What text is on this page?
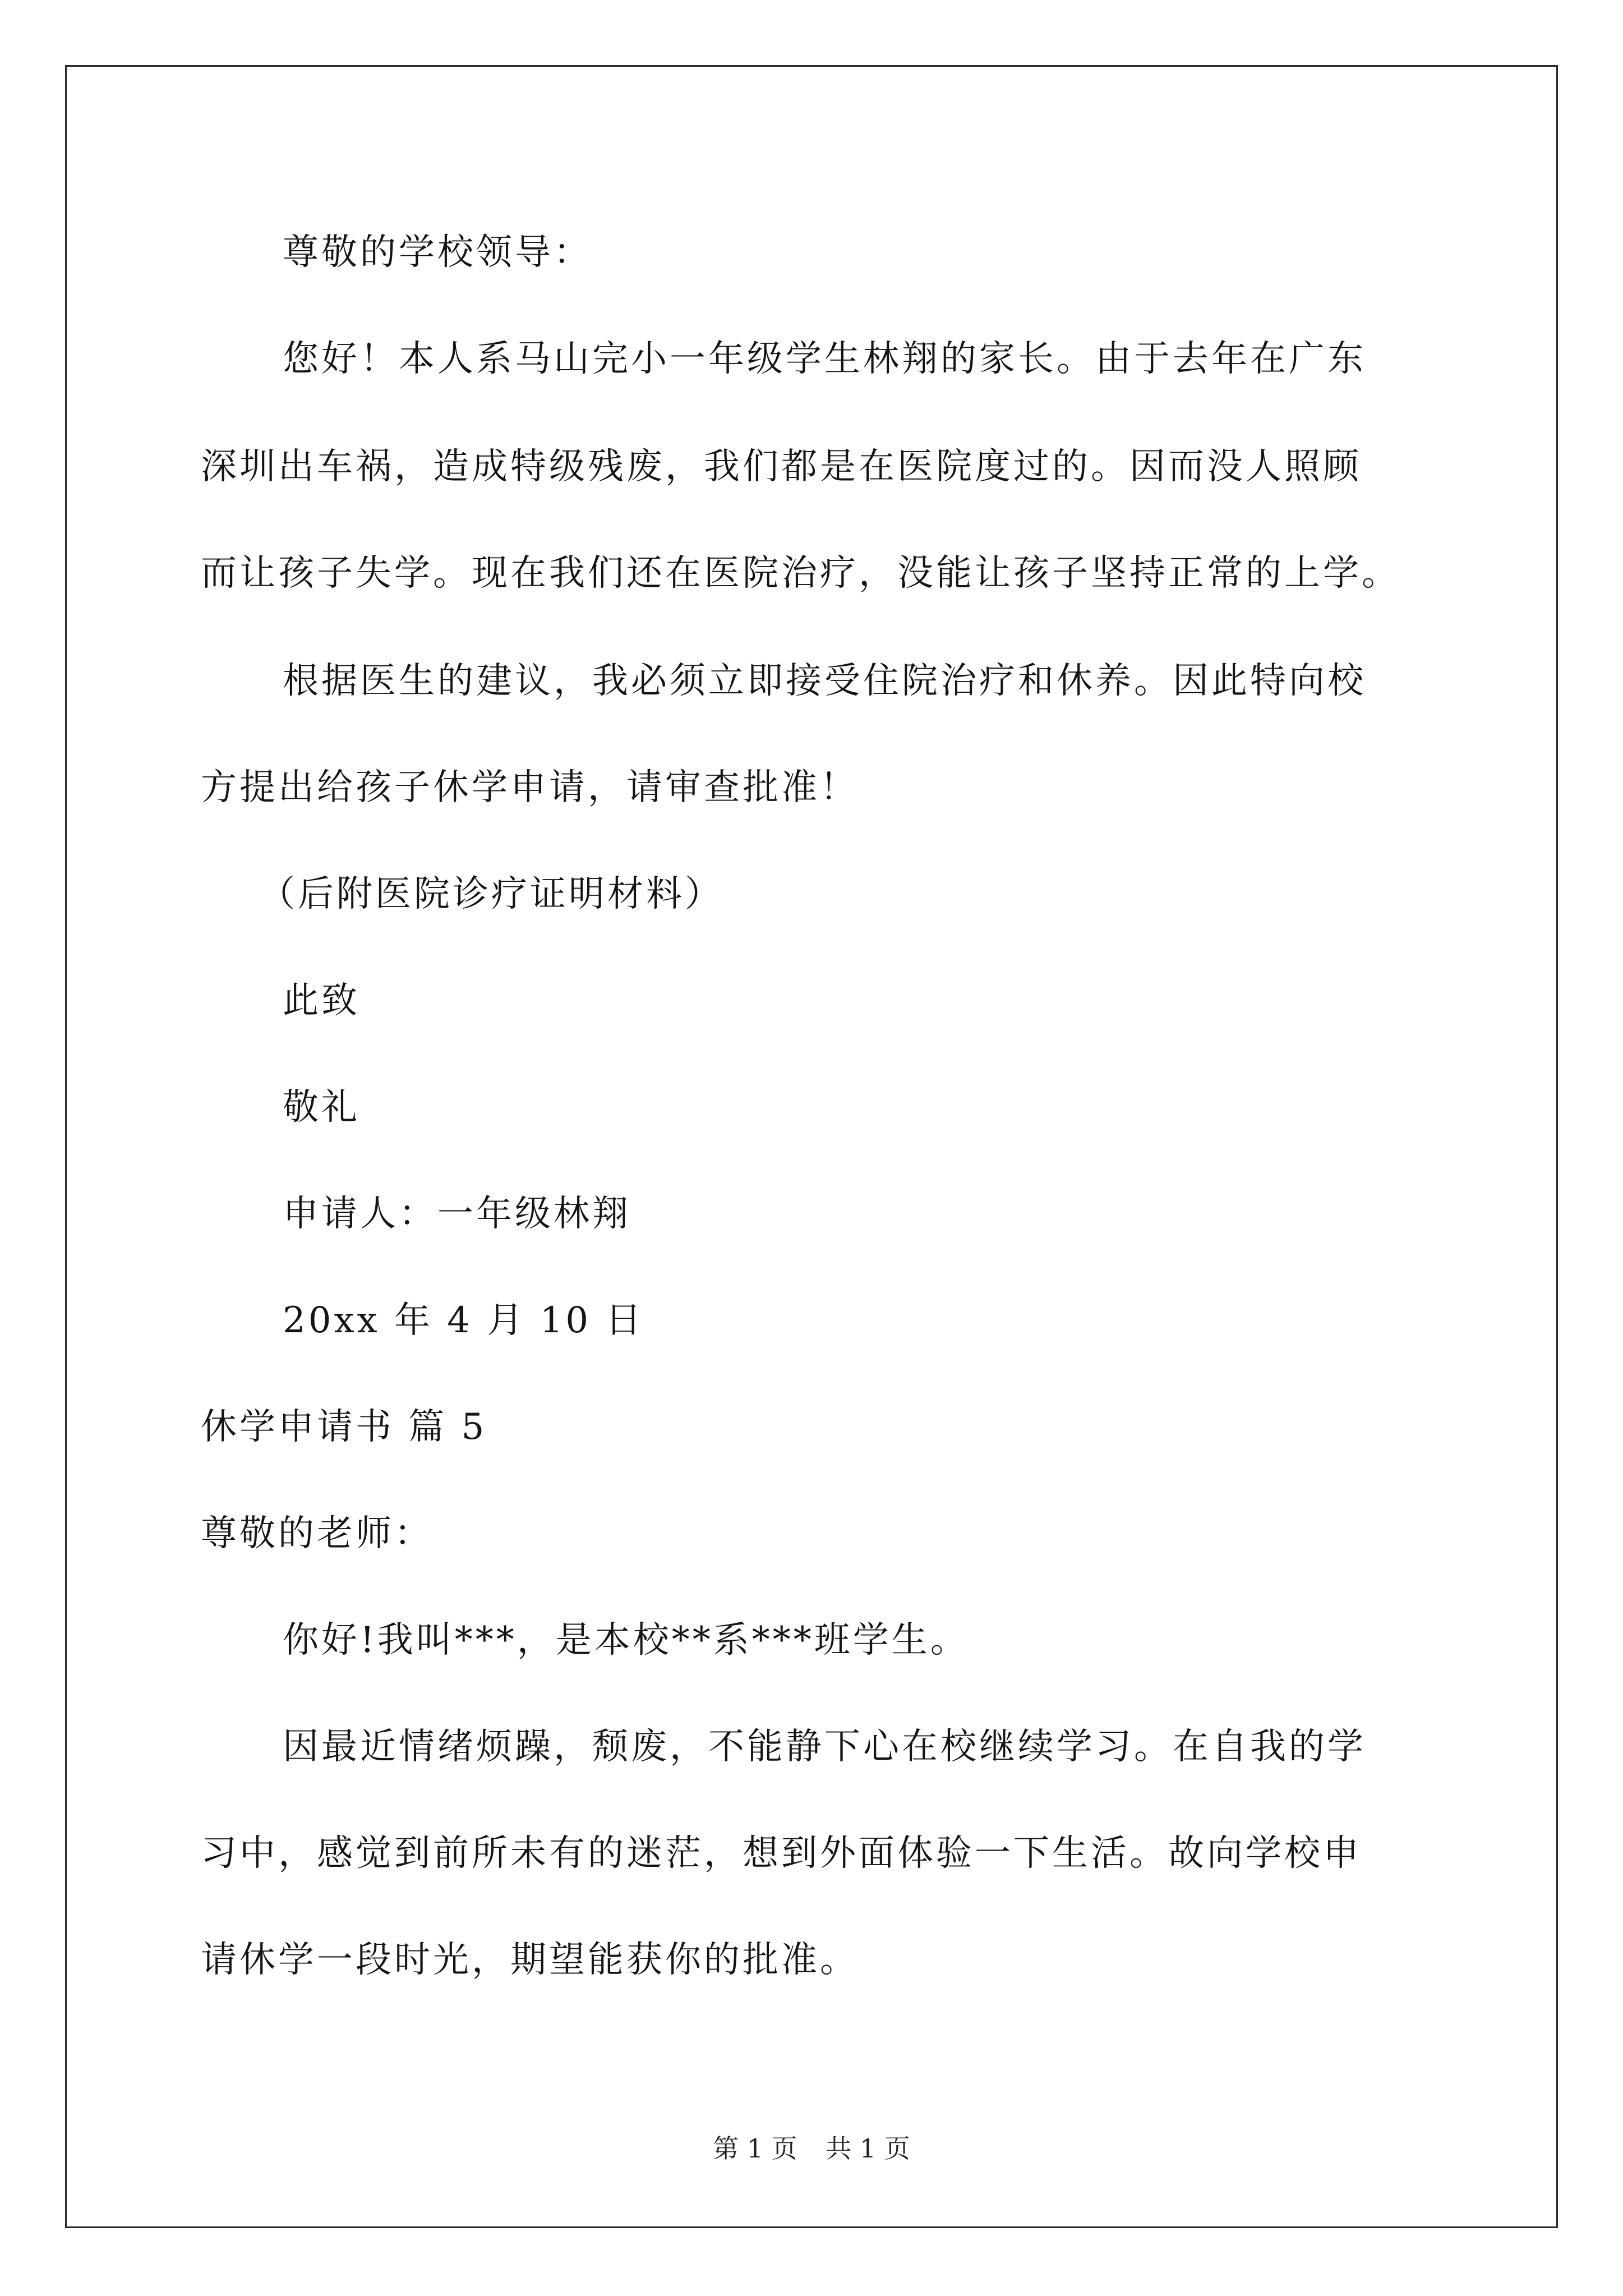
尊敬的学校领导：

您好！本人系马山完小一年级学生林翔的家长。由于去年在广东

深圳出车祸，造成特级残废，我们都是在医院度过的。因而没人照顾

而让孩子失学。现在我们还在医院治疗，没能让孩子坚持正常的上学。

根据医生的建议，我必须立即接受住院治疗和休养。因此特向校

方提出给孩子休学申请，请审查批准！

（后附医院诊疗证明材料）

此致

敬礼

申请人：一年级林翔

20xx 年 4 月 10 日

休学申请书 篇 5

尊敬的老师：

你好!我叫***，是本校**系***班学生。

因最近情绪烦躁，颓废，不能静下心在校继续学习。在自我的学

习中，感觉到前所未有的迷茫，想到外面体验一下生活。故向学校申

请休学一段时光，期望能获你的批准。

第 1 页 共 1 页
